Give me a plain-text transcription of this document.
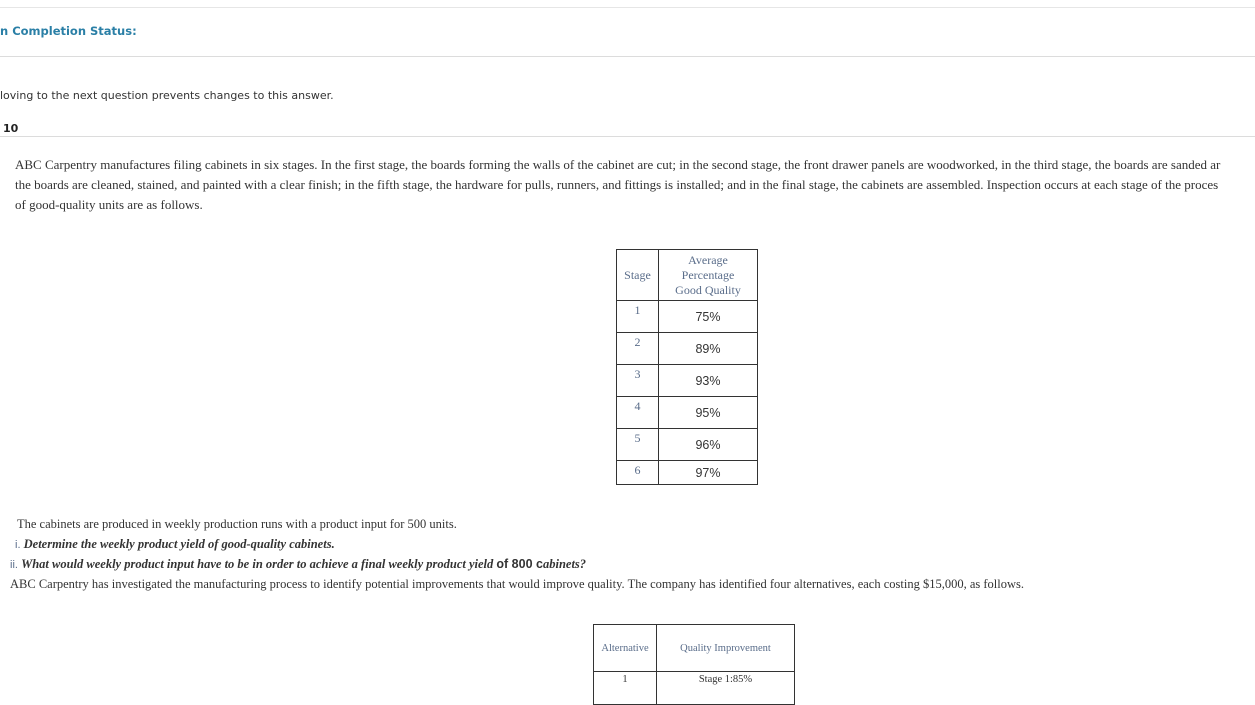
n Completion Status:
loving to the next question prevents changes to this answer.
10
ABC Carpentry manufactures filing cabinets in six stages. In the first stage, the boards forming the walls of the cabinet are cut; in the second stage, the front drawer panels are woodworked, in the third stage, the boards are sanded ar
the boards are cleaned, stained, and painted with a clear finish; in the fifth stage, the hardware for pulls, runners, and fittings is installed; and in the final stage, the cabinets are assembled. Inspection occurs at each stage of the proces
of good-quality units are as follows.
Stage	Average
Percentage
Good Quality

1	75%
2	89%
3	93%
4	95%
5	96%
6	97%
The cabinets are produced in weekly production runs with a product input for 500 units.
i. Determine the weekly product yield of good-quality cabinets.
ii. What would weekly product input have to be in order to achieve a final weekly product yield of 800 cabinets?
ABC Carpentry has investigated the manufacturing process to identify potential improvements that would improve quality. The company has identified four alternatives, each costing $15,000, as follows.
Alternative	Quality Improvement
1	Stage 1:85%
